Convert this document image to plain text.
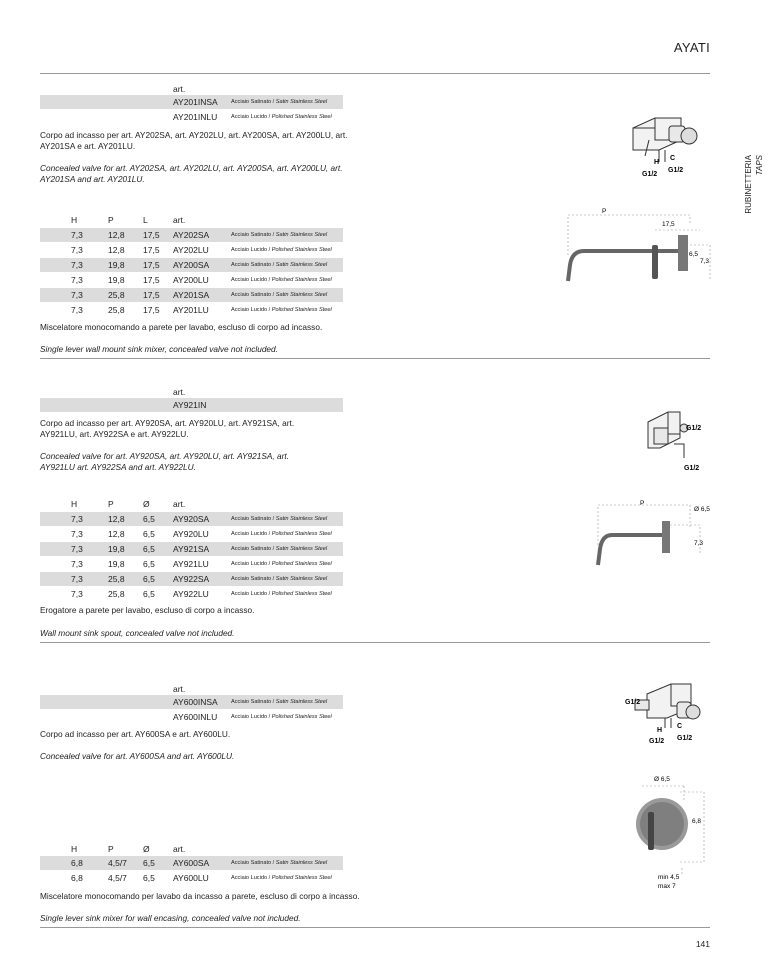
AYATI
RUBINETTERIA TAPS
art.
AY201INSA Acciaio Satinato / Satin Stainless Steel
AY201INLU Acciaio Lucido / Polished Stainless Steel
Corpo ad incasso per art. AY202SA, art. AY202LU, art. AY200SA, art. AY200LU, art. AY201SA e art. AY201LU.
Concealed valve for art. AY202SA, art. AY202LU, art. AY200SA, art. AY200LU, art. AY201SA and art. AY201LU.
H	P	L	art.
7,3	12,8 17,5 AY202SA	Acciaio Satinato / Satin Stainless Steel
7,3	12,8 17,5 AY202LU	Acciaio Lucido / Polished Stainless Steel
7,3	19,8 17,5 AY200SA	Acciaio Satinato / Satin Stainless Steel
7,3	19,8 17,5 AY200LU	Acciaio Lucido / Polished Stainless Steel
7,3	25,8 17,5 AY201SA	Acciaio Satinato / Satin Stainless Steel
7,3	25,8 17,5 AY201LU	Acciaio Lucido / Polished Stainless Steel
Miscelatore monocomando a parete per lavabo, escluso di corpo ad incasso.
Single lever wall mount sink mixer, concealed valve not included.
art.
AY921IN
Corpo ad incasso per art. AY920SA, art. AY920LU, art. AY921SA, art. AY921LU, art. AY922SA e art. AY922LU.
Concealed valve for art. AY920SA, art. AY920LU, art. AY921SA, art. AY921LU art. AY922SA and art. AY922LU.
H	P	Ø	art.
7,3	12,8 6,5 AY920SA	Acciaio Satinato / Satin Stainless Steel
7,3	12,8 6,5 AY920LU	Acciaio Lucido / Polished Stainless Steel
7,3	19,8 6,5 AY921SA	Acciaio Satinato / Satin Stainless Steel
7,3	19,8 6,5 AY921LU	Acciaio Lucido / Polished Stainless Steel
7,3	25,8 6,5 AY922SA	Acciaio Satinato / Satin Stainless Steel
7,3	25,8 6,5 AY922LU	Acciaio Lucido / Polished Stainless Steel
Erogatore a parete per lavabo, escluso di corpo a incasso.
Wall mount sink spout, concealed valve not included.
art.
AY600INSA Acciaio Satinato / Satin Stainless Steel
AY600INLU Acciaio Lucido / Polished Stainless Steel
Corpo ad incasso per art. AY600SA e art. AY600LU.
Concealed valve for art. AY600SA and art. AY600LU.
H	P	Ø	art.
6,8	4,5/7 6,5 AY600SA	Acciaio Satinato / Satin Stainless Steel
6,8	4,5/7 6,5 AY600LU	Acciaio Lucido / Polished Stainless Steel
Miscelatore monocomando per lavabo da incasso a parete, escluso di corpo a incasso.
Single lever sink mixer for wall encasing, concealed valve not included.
141
H
C
G1/2
G1/2
P
17,5
6,5
7,3
G1/2
G1/2
P
Ø 6,5
7,3
G1/2
H
C
G1/2 G1/2
Ø 6,5
6,8
min 4,5
max 7
